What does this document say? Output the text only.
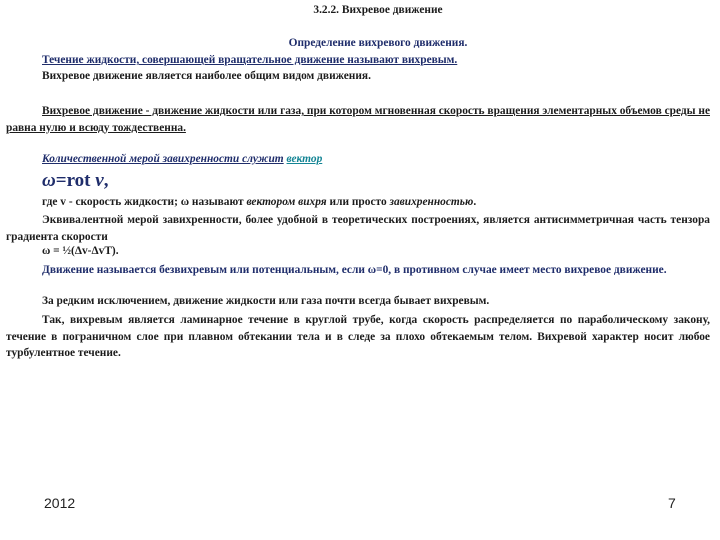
3.2.2. Вихревое движение
Определение вихревого движения.
Течение жидкости, совершающей вращательное движение называют вихревым.
Вихревое движение является наиболее общим видом движения.
Вихревое движение - движение жидкости или газа, при котором мгновенная скорость вращения элементарных объемов среды не равна нулю и всюду тождественна.
Количественной мерой завихренности служит вектор
ω=rot v,
где v - скорость жидкости; ω называют вектором вихря или просто завихренностью.
Эквивалентной мерой завихренности, более удобной в теоретических построениях, является антисимметричная часть тензора градиента скорости
ω = ½(Δv-ΔvT).
Движение называется безвихревым или потенциальным, если ω=0, в противном случае имеет место вихревое движение.
За редким исключением, движение жидкости или газа почти всегда бывает вихревым.
Так, вихревым является ламинарное течение в круглой трубе, когда скорость распределяется по параболическому закону, течение в пограничном слое при плавном обтекании тела и в следе за плохо обтекаемым телом. Вихревой характер носит любое турбулентное течение.
2012	7
